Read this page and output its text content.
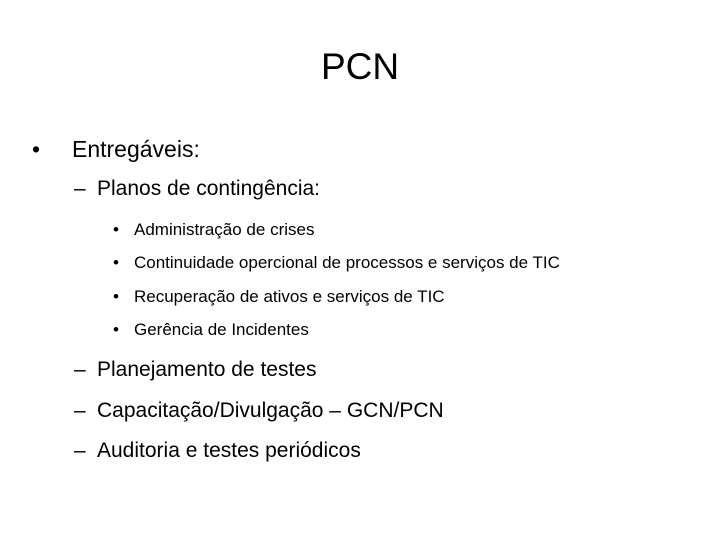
PCN
• Entregáveis:
– Planos de contingência:
• Administração de crises
• Continuidade opercional de processos e serviços de TIC
• Recuperação de ativos e serviços de TIC
• Gerência de Incidentes
– Planejamento de testes
– Capacitação/Divulgação – GCN/PCN
– Auditoria e testes periódicos
